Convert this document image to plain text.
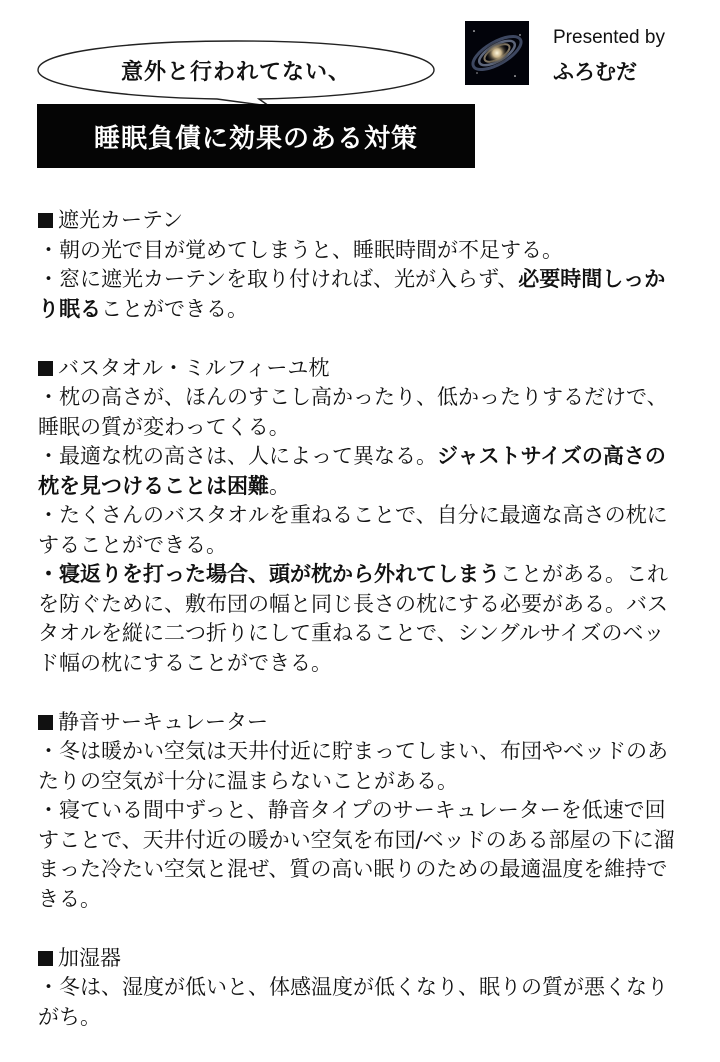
意外と行われてない、
睡眠負債に効果のある対策
Presented by
ふろむだ
遮光カーテン
・朝の光で目が覚めてしまうと、睡眠時間が不足する。
・窓に遮光カーテンを取り付ければ、光が入らず、必要時間しっかり眠ることができる。
バスタオル・ミルフィーユ枕
・枕の高さが、ほんのすこし高かったり、低かったりするだけで、睡眠の質が変わってくる。
・最適な枕の高さは、人によって異なる。ジャストサイズの高さの枕を見つけることは困難。
・たくさんのバスタオルを重ねることで、自分に最適な高さの枕にすることができる。
・寝返りを打った場合、頭が枕から外れてしまうことがある。これを防ぐために、敷布団の幅と同じ長さの枕にする必要がある。バスタオルを縦に二つ折りにして重ねることで、シングルサイズのベッド幅の枕にすることができる。
静音サーキュレーター
・冬は暖かい空気は天井付近に貯まってしまい、布団やベッドのあたりの空気が十分に温まらないことがある。
・寝ている間中ずっと、静音タイプのサーキュレーターを低速で回すことで、天井付近の暖かい空気を布団/ベッドのある部屋の下に溜まった冷たい空気と混ぜ、質の高い眠りのための最適温度を維持できる。
加湿器
・冬は、湿度が低いと、体感温度が低くなり、眠りの質が悪くなりがち。
